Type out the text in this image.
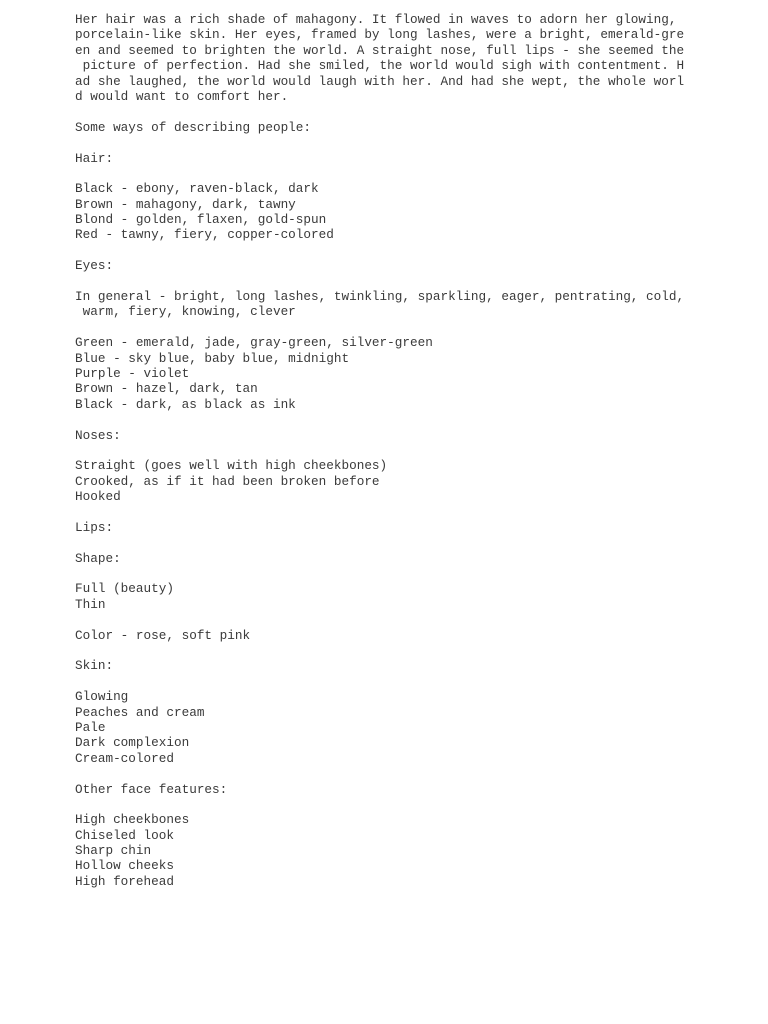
Her hair was a rich shade of mahagony. It flowed in waves to adorn her glowing,
porcelain-like skin. Her eyes, framed by long lashes, were a bright, emerald-gre
en and seemed to brighten the world. A straight nose, full lips - she seemed the
picture of perfection. Had she smiled, the world would sigh with contentment. H
ad she laughed, the world would laugh with her. And had she wept, the whole worl
d would want to comfort her.
Some ways of describing people:
Hair:
Black - ebony, raven-black, dark
Brown - mahagony, dark, tawny
Blond - golden, flaxen, gold-spun
Red - tawny, fiery, copper-colored
Eyes:
In general - bright, long lashes, twinkling, sparkling, eager, pentrating, cold,
warm, fiery, knowing, clever
Green - emerald, jade, gray-green, silver-green
Blue - sky blue, baby blue, midnight
Purple - violet
Brown - hazel, dark, tan
Black - dark, as black as ink
Noses:
Straight (goes well with high cheekbones)
Crooked, as if it had been broken before
Hooked
Lips:
Shape:
Full (beauty)
Thin
Color - rose, soft pink
Skin:
Glowing
Peaches and cream
Pale
Dark complexion
Cream-colored
Other face features:
High cheekbones
Chiseled look
Sharp chin
Hollow cheeks
High forehead
